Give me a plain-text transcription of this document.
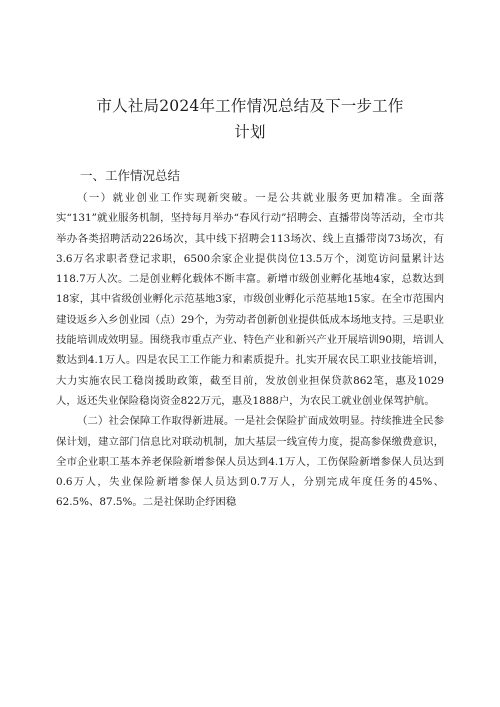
市人社局2024年工作情况总结及下一步工作
计划
一、工作情况总结

（一）就业创业工作实现新突破。一是公共就业服务更加精准。全面落实“131”就业服务机制，坚持每月举办“春风行动”招聘会、直播带岗等活动，全市共举办各类招聘活动226场次，其中线下招聘会113场次、线上直播带岗73场次，有3.6万名求职者登记求职，6500余家企业提供岗位13.5万个，浏览访问量累计达118.7万人次。二是创业孵化载体不断丰富。新增市级创业孵化基地4家，总数达到18家，其中省级创业孵化示范基地3家，市级创业孵化示范基地15家。在全市范围内建设返乡入乡创业园（点）29个，为劳动者创新创业提供低成本场地支持。三是职业技能培训成效明显。围绕我市重点产业、特色产业和新兴产业开展培训90期，培训人数达到4.1万人。四是农民工工作能力和素质提升。扎实开展农民工职业技能培训，大力实施农民工稳岗援助政策，截至目前，发放创业担保贷款862笔，惠及1029人，返还失业保险稳岗资金822万元，惠及1888户，为农民工就业创业保驾护航。

（二）社会保障工作取得新进展。一是社会保险扩面成效明显。持续推进全民参保计划，建立部门信息比对联动机制，加大基层一线宣传力度，提高参保缴费意识，全市企业职工基本养老保险新增参保人员达到4.1万人，工伤保险新增参保人员达到0.6万人，失业保险新增参保人员达到0.7万人，分别完成年度任务的45%、62.5%、87.5%。二是社保助企纾困稳
